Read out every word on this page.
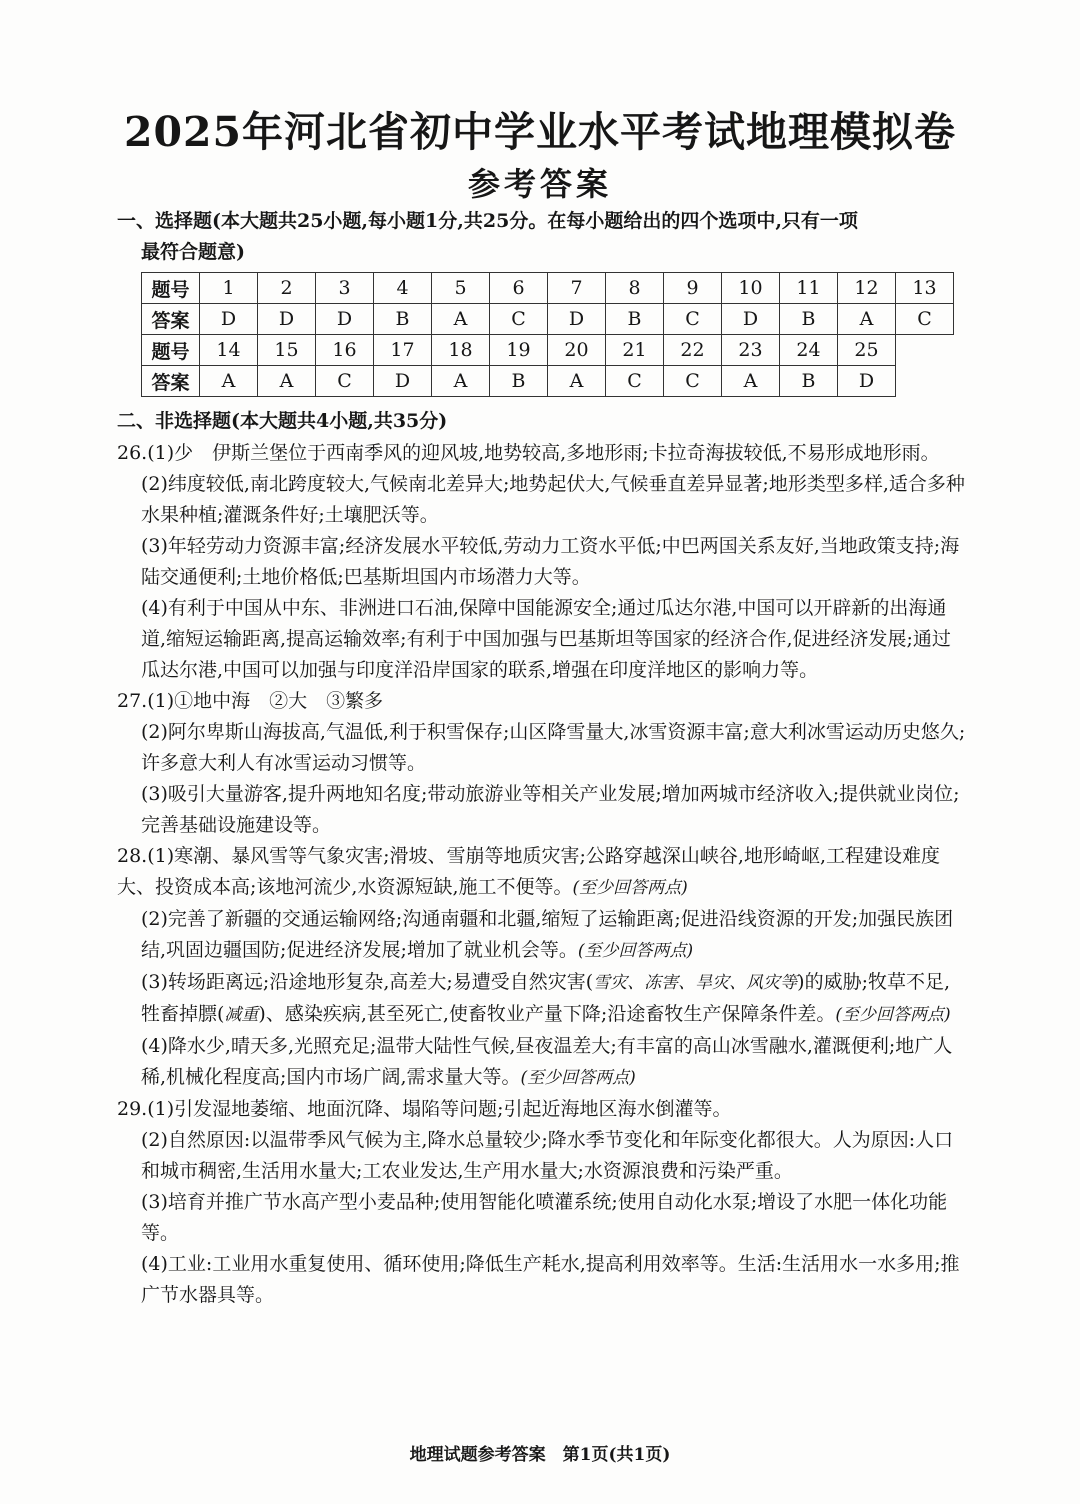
2025年河北省初中学业水平考试地理模拟卷
参考答案
一、选择题(本大题共25小题,每小题1分,共25分。在每小题给出的四个选项中,只有一项
最符合题意)
题号	1	2	3	4	5	6	7	8	9	10	11	12	13
答案	D	D	D	B	A	C	D	B	C	D	B	A	C
题号	14	15	16	17	18	19	20	21	22	23	24	25	
答案	A	A	C	D	A	B	A	C	C	A	B	D	
二、非选择题(本大题共4小题,共35分)
26.(1)少　伊斯兰堡位于西南季风的迎风坡,地势较高,多地形雨;卡拉奇海拔较低,不易形成地形雨。
(2)纬度较低,南北跨度较大,气候南北差异大;地势起伏大,气候垂直差异显著;地形类型多样,适合多种水果种植;灌溉条件好;土壤肥沃等。
(3)年轻劳动力资源丰富;经济发展水平较低,劳动力工资水平低;中巴两国关系友好,当地政策支持;海陆交通便利;土地价格低;巴基斯坦国内市场潜力大等。
(4)有利于中国从中东、非洲进口石油,保障中国能源安全;通过瓜达尔港,中国可以开辟新的出海通道,缩短运输距离,提高运输效率;有利于中国加强与巴基斯坦等国家的经济合作,促进经济发展;通过瓜达尔港,中国可以加强与印度洋沿岸国家的联系,增强在印度洋地区的影响力等。
27.(1)①地中海　②大　③繁多
(2)阿尔卑斯山海拔高,气温低,利于积雪保存;山区降雪量大,冰雪资源丰富;意大利冰雪运动历史悠久;许多意大利人有冰雪运动习惯等。
(3)吸引大量游客,提升两地知名度;带动旅游业等相关产业发展;增加两城市经济收入;提供就业岗位;完善基础设施建设等。
28.(1)寒潮、暴风雪等气象灾害;滑坡、雪崩等地质灾害;公路穿越深山峡谷,地形崎岖,工程建设难度大、投资成本高;该地河流少,水资源短缺,施工不便等。(至少回答两点)
(2)完善了新疆的交通运输网络;沟通南疆和北疆,缩短了运输距离;促进沿线资源的开发;加强民族团结,巩固边疆国防;促进经济发展;增加了就业机会等。(至少回答两点)
(3)转场距离远;沿途地形复杂,高差大;易遭受自然灾害(雪灾、冻害、旱灾、风灾等)的威胁;牧草不足,牲畜掉膘(减重)、感染疾病,甚至死亡,使畜牧业产量下降;沿途畜牧生产保障条件差。(至少回答两点)
(4)降水少,晴天多,光照充足;温带大陆性气候,昼夜温差大;有丰富的高山冰雪融水,灌溉便利;地广人稀,机械化程度高;国内市场广阔,需求量大等。(至少回答两点)
29.(1)引发湿地萎缩、地面沉降、塌陷等问题;引起近海地区海水倒灌等。
(2)自然原因:以温带季风气候为主,降水总量较少;降水季节变化和年际变化都很大。人为原因:人口和城市稠密,生活用水量大;工农业发达,生产用水量大;水资源浪费和污染严重。
(3)培育并推广节水高产型小麦品种;使用智能化喷灌系统;使用自动化水泵;增设了水肥一体化功能等。
(4)工业:工业用水重复使用、循环使用;降低生产耗水,提高利用效率等。生活:生活用水一水多用;推广节水器具等。
地理试题参考答案　第1页(共1页)
